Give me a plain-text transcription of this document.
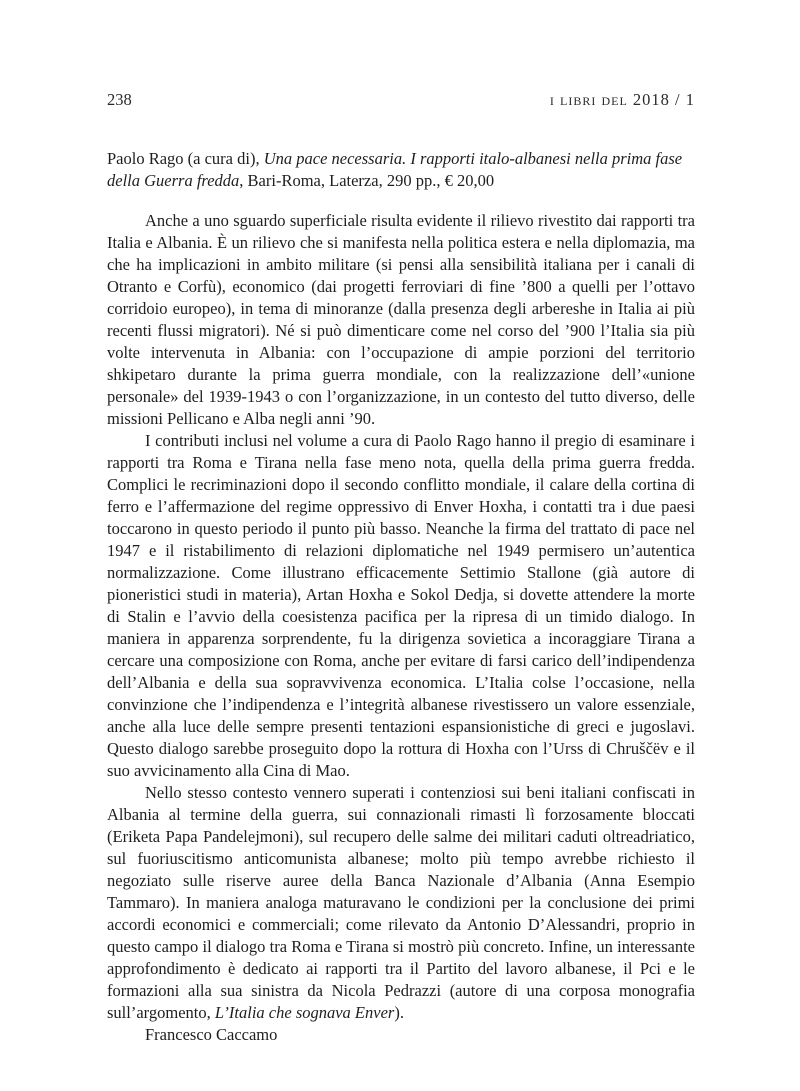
238	i libri del 2018 / 1
Paolo Rago (a cura di), Una pace necessaria. I rapporti italo-albanesi nella prima fase della Guerra fredda, Bari-Roma, Laterza, 290 pp., € 20,00

Anche a uno sguardo superficiale risulta evidente il rilievo rivestito dai rapporti tra Italia e Albania. È un rilievo che si manifesta nella politica estera e nella diplomazia, ma che ha implicazioni in ambito militare (si pensi alla sensibilità italiana per i canali di Otranto e Corfù), economico (dai progetti ferroviari di fine ’800 a quelli per l’ottavo corridoio europeo), in tema di minoranze (dalla presenza degli arbereshe in Italia ai più recenti flussi migratori). Né si può dimenticare come nel corso del ’900 l’Italia sia più volte intervenuta in Albania: con l’occupazione di ampie porzioni del territorio shkipetaro durante la prima guerra mondiale, con la realizzazione dell’«unione personale» del 1939-1943 o con l’organizzazione, in un contesto del tutto diverso, delle missioni Pellicano e Alba negli anni ’90.

I contributi inclusi nel volume a cura di Paolo Rago hanno il pregio di esaminare i rapporti tra Roma e Tirana nella fase meno nota, quella della prima guerra fredda. Complici le recriminazioni dopo il secondo conflitto mondiale, il calare della cortina di ferro e l’affermazione del regime oppressivo di Enver Hoxha, i contatti tra i due paesi toccarono in questo periodo il punto più basso. Neanche la firma del trattato di pace nel 1947 e il ristabilimento di relazioni diplomatiche nel 1949 permisero un’autentica normalizzazione. Come illustrano efficacemente Settimio Stallone (già autore di pioneristici studi in materia), Artan Hoxha e Sokol Dedja, si dovette attendere la morte di Stalin e l’avvio della coesistenza pacifica per la ripresa di un timido dialogo. In maniera in apparenza sorprendente, fu la dirigenza sovietica a incoraggiare Tirana a cercare una composizione con Roma, anche per evitare di farsi carico dell’indipendenza dell’Albania e della sua sopravvivenza economica. L’Italia colse l’occasione, nella convinzione che l’indipendenza e l’integrità albanese rivestissero un valore essenziale, anche alla luce delle sempre presenti tentazioni espansionistiche di greci e jugoslavi. Questo dialogo sarebbe proseguito dopo la rottura di Hoxha con l’Urss di Chruščëv e il suo avvicinamento alla Cina di Mao.

Nello stesso contesto vennero superati i contenziosi sui beni italiani confiscati in Albania al termine della guerra, sui connazionali rimasti lì forzosamente bloccati (Eriketa Papa Pandelejmoni), sul recupero delle salme dei militari caduti oltreadriatico, sul fuoriuscitismo anticomunista albanese; molto più tempo avrebbe richiesto il negoziato sulle riserve auree della Banca Nazionale d’Albania (Anna Esempio Tammaro). In maniera analoga maturavano le condizioni per la conclusione dei primi accordi economici e commerciali; come rilevato da Antonio D’Alessandri, proprio in questo campo il dialogo tra Roma e Tirana si mostrò più concreto. Infine, un interessante approfondimento è dedicato ai rapporti tra il Partito del lavoro albanese, il Pci e le formazioni alla sua sinistra da Nicola Pedrazzi (autore di una corposa monografia sull’argomento, L’Italia che sognava Enver).

Francesco Caccamo
